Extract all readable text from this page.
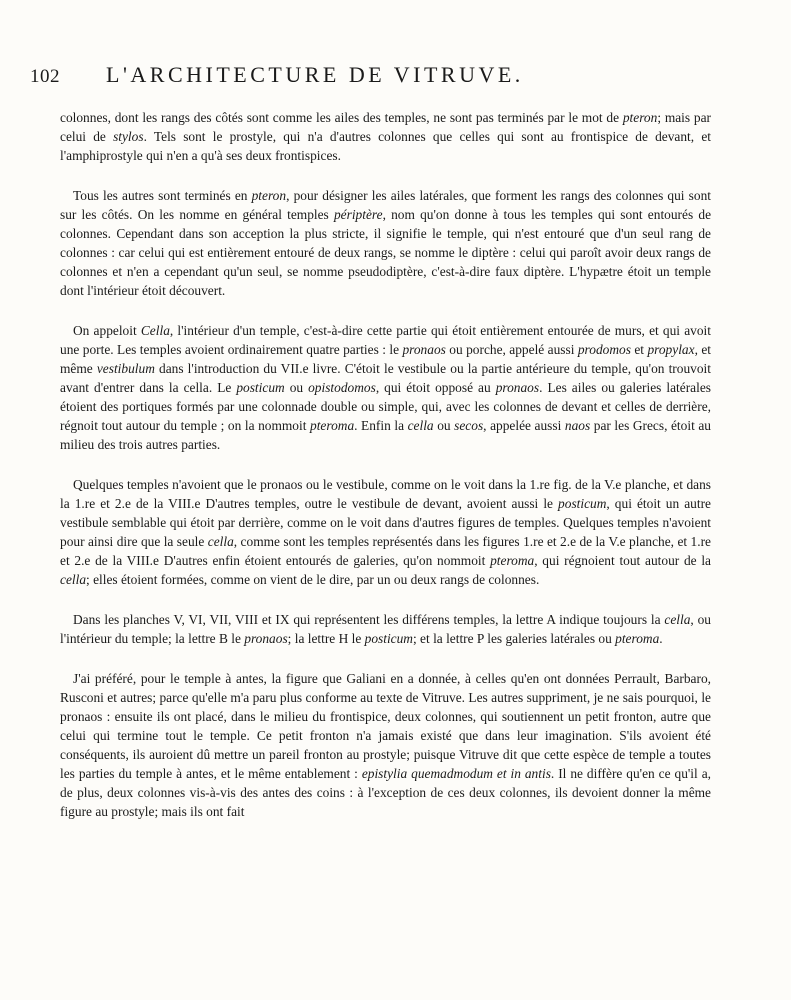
102 L'ARCHITECTURE DE VITRUVE.

colonnes, dont les rangs des côtés sont comme les ailes des temples, ne sont pas terminés par le mot de pteron; mais par celui de stylos. Tels sont le prostyle, qui n'a d'autres colonnes que celles qui sont au frontispice de devant, et l'amphiprostyle qui n'en a qu'à ses deux frontispices.

Tous les autres sont terminés en pteron, pour désigner les ailes latérales, que forment les rangs des colonnes qui sont sur les côtés. On les nomme en général temples périptère, nom qu'on donne à tous les temples qui sont entourés de colonnes. Cependant dans son acception la plus stricte, il signifie le temple, qui n'est entouré que d'un seul rang de colonnes : car celui qui est entièrement entouré de deux rangs, se nomme le diptère : celui qui paroît avoir deux rangs de colonnes et n'en a cependant qu'un seul, se nomme pseudodiptère, c'est-à-dire faux diptère. L'hypætre étoit un temple dont l'intérieur étoit découvert.

On appeloit Cella, l'intérieur d'un temple, c'est-à-dire cette partie qui étoit entièrement entourée de murs, et qui avoit une porte. Les temples avoient ordinairement quatre parties : le pronaos ou porche, appelé aussi prodomos et propylax, et même vestibulum dans l'introduction du VII.e livre. C'étoit le vestibule ou la partie antérieure du temple, qu'on trouvoit avant d'entrer dans la cella. Le posticum ou opistodomos, qui étoit opposé au pronaos. Les ailes ou galeries latérales étoient des portiques formés par une colonnade double ou simple, qui, avec les colonnes de devant et celles de derrière, régnoit tout autour du temple ; on la nommoit pteroma. Enfin la cella ou secos, appelée aussi naos par les Grecs, étoit au milieu des trois autres parties.

Quelques temples n'avoient que le pronaos ou le vestibule, comme on le voit dans la 1.re fig. de la V.e planche, et dans la 1.re et 2.e de la VIII.e D'autres temples, outre le vestibule de devant, avoient aussi le posticum, qui étoit un autre vestibule semblable qui étoit par derrière, comme on le voit dans d'autres figures de temples. Quelques temples n'avoient pour ainsi dire que la seule cella, comme sont les temples représentés dans les figures 1.re et 2.e de la V.e planche, et 1.re et 2.e de la VIII.e D'autres enfin étoient entourés de galeries, qu'on nommoit pteroma, qui régnoient tout autour de la cella; elles étoient formées, comme on vient de le dire, par un ou deux rangs de colonnes.

Dans les planches V, VI, VII, VIII et IX qui représentent les différens temples, la lettre A indique toujours la cella, ou l'intérieur du temple; la lettre B le pronaos; la lettre H le posticum; et la lettre P les galeries latérales ou pteroma.

J'ai préféré, pour le temple à antes, la figure que Galiani en a donnée, à celles qu'en ont données Perrault, Barbaro, Rusconi et autres; parce qu'elle m'a paru plus conforme au texte de Vitruve. Les autres suppriment, je ne sais pourquoi, le pronaos : ensuite ils ont placé, dans le milieu du frontispice, deux colonnes, qui soutiennent un petit fronton, autre que celui qui termine tout le temple. Ce petit fronton n'a jamais existé que dans leur imagination. S'ils avoient été conséquents, ils auroient dû mettre un pareil fronton au prostyle; puisque Vitruve dit que cette espèce de temple a toutes les parties du temple à antes, et le même entablement : epistylia quemadmodum et in antis. Il ne diffère qu'en ce qu'il a, de plus, deux colonnes vis-à-vis des antes des coins : à l'exception de ces deux colonnes, ils devoient donner la même figure au prostyle; mais ils ont fait
